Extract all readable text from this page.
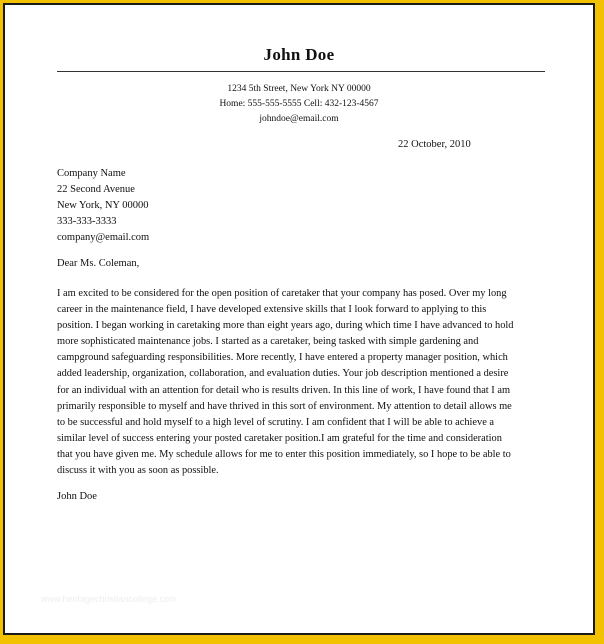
John Doe
1234 5th Street, New York NY 00000
Home: 555-555-5555 Cell: 432-123-4567
johndoe@email.com
22 October, 2010
Company Name
22 Second Avenue
New York, NY 00000
333-333-3333
company@email.com
Dear Ms. Coleman,
I am excited to be considered for the open position of caretaker that your company has posed. Over my long
career in the maintenance field, I have developed extensive skills that I look forward to applying to this
position. I began working in caretaking more than eight years ago, during which time I have advanced to hold
more sophisticated maintenance jobs. I started as a caretaker, being tasked with simple gardening and
campground safeguarding responsibilities. More recently, I have entered a property manager position, which
added leadership, organization, collaboration, and evaluation duties. Your job description mentioned a desire
for an individual with an attention for detail who is results driven. In this line of work, I have found that I am
primarily responsible to myself and have thrived in this sort of environment. My attention to detail allows me
to be successful and hold myself to a high level of scrutiny. I am confident that I will be able to achieve a
similar level of success entering your posted caretaker position.I am grateful for the time and consideration
that you have given me. My schedule allows for me to enter this position immediately, so I hope to be able to
discuss it with you as soon as possible.
John Doe
www.heritagechristiancollege.com
